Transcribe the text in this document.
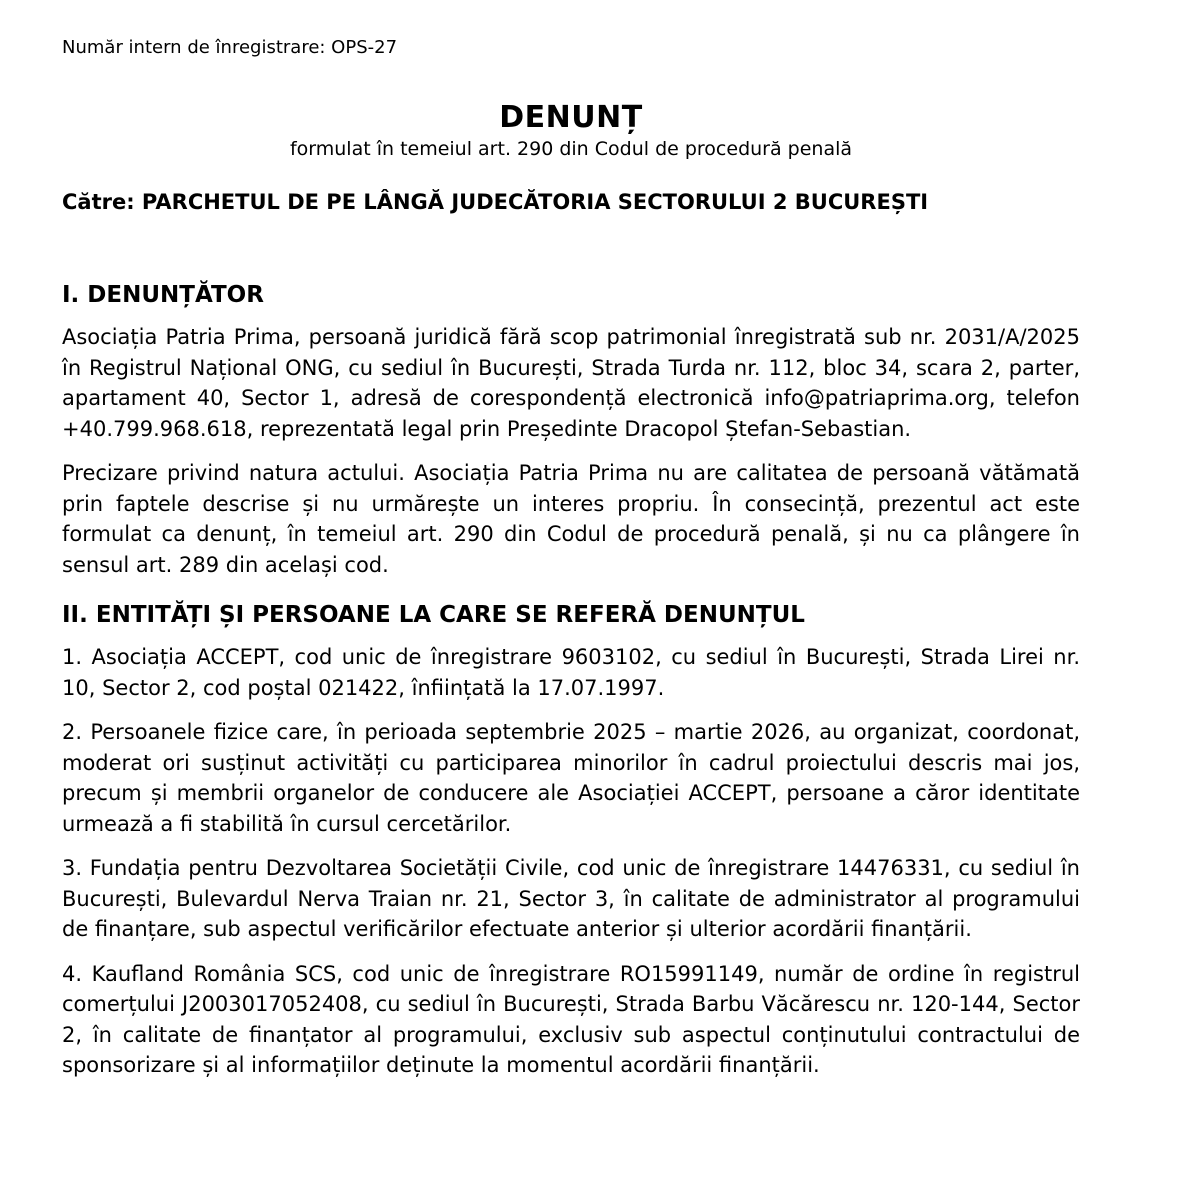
Număr intern de înregistrare: OPS-27
DENUNȚ
formulat în temeiul art. 290 din Codul de procedură penală
Către: PARCHETUL DE PE LÂNGĂ JUDECĂTORIA SECTORULUI 2 BUCUREȘTI
I. DENUNȚĂTOR

Asociația Patria Prima, persoană juridică fără scop patrimonial înregistrată sub nr. 2031/A/2025 în Registrul Național ONG, cu sediul în București, Strada Turda nr. 112, bloc 34, scara 2, parter, apartament 40, Sector 1, adresă de corespondență electronică info@patriaprima.org, telefon +40.799.968.618, reprezentată legal prin Președinte Dracopol Ștefan-Sebastian.

Precizare privind natura actului. Asociația Patria Prima nu are calitatea de persoană vătămată prin faptele descrise și nu urmărește un interes propriu. În consecință, prezentul act este formulat ca denunț, în temeiul art. 290 din Codul de procedură penală, și nu ca plângere în sensul art. 289 din același cod.

II. ENTITĂȚI ȘI PERSOANE LA CARE SE REFERĂ DENUNȚUL

1. Asociația ACCEPT, cod unic de înregistrare 9603102, cu sediul în București, Strada Lirei nr. 10, Sector 2, cod poștal 021422, înființată la 17.07.1997.

2. Persoanele fizice care, în perioada septembrie 2025 – martie 2026, au organizat, coordonat, moderat ori susținut activități cu participarea minorilor în cadrul proiectului descris mai jos, precum și membrii organelor de conducere ale Asociației ACCEPT, persoane a căror identitate urmează a fi stabilită în cursul cercetărilor.

3. Fundația pentru Dezvoltarea Societății Civile, cod unic de înregistrare 14476331, cu sediul în București, Bulevardul Nerva Traian nr. 21, Sector 3, în calitate de administrator al programului de finanțare, sub aspectul verificărilor efectuate anterior și ulterior acordării finanțării.

4. Kaufland România SCS, cod unic de înregistrare RO15991149, număr de ordine în registrul comerțului J2003017052408, cu sediul în București, Strada Barbu Văcărescu nr. 120-144, Sector 2, în calitate de finanțator al programului, exclusiv sub aspectul conținutului contractului de sponsorizare și al informațiilor deținute la momentul acordării finanțării.
